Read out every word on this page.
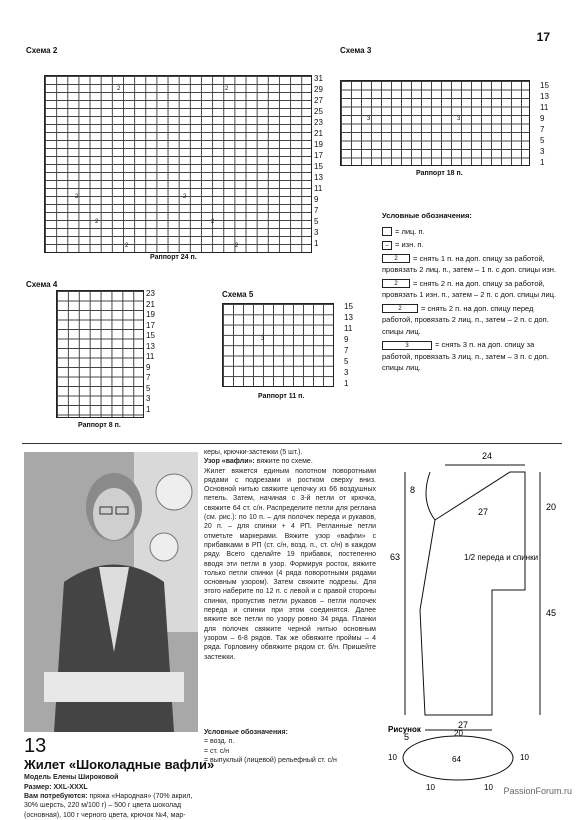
17
Схема 2
2	2
2	2
2	2
2	2
31
29
27
25
23
21
19
17
15
13
11
9
7
5
3
1
Раппорт 24 п.
Схема 3
3	3
15
13
11
9
7
5
3
1
Раппорт 18 п.
Условные обозначения:
= лиц. п.
– = изн. п.
2 = снять 1 п. на доп. спицу за работой, провязать 2 лиц. п., затем – 1 п. с доп. спицы изн.
2 = снять 2 п. на доп. спицу за работой, провязать 1 изн. п., затем – 2 п. с доп. спицы лиц.
2	= снять 2 п. на доп. спицу перед работой, провязать 2 лиц. п., затем – 2 п. с доп. спицы лиц.
3	= снять 3 п. на доп. спицу за работой, провязать 3 лиц. п., затем – 3 п. с доп. спицы лиц.
Схема 4
23
21
19
17
15
13
11
9
7
5
3
1
Раппорт 8 п.
Схема 5
3
15
13
11
9
7
5
3
1
Раппорт 11 п.
13
Жилет «Шоколадные вафли»
Модель Елены Широковой
Размер: XXL-XXXL
Вам потребуются: пряжа «Народная» (70% акрил, 30% шерсть, 220 м/100 г) – 500 г цвета шоколад (основная), 100 г черного цвета, крючок №4, мар-
керы, крючки-застежки (5 шт.).
Узор «вафли»: вяжите по схеме.
Жилет вяжется единым полотном поворотными рядами с подрезами и ростком сверху вниз. Основной нитью свяжите цепочку из 66 воздушных петель. Затем, начиная с 3-й петли от крючка, свяжите 64 ст. с/н. Распределите петли для реглана (см. рис.): по 10 п. – для полочек переда и рукавов, 20 п. – для спинки + 4 РП. Регланные петли отметьте маркерами. Вяжите узор «вафли» с прибавками в РП (ст. с/н, возд. п., ст. с/н) в каждом ряду. Всего сделайте 19 прибавок, постепенно вводя эти петли в узор. Формируя росток, вяжите только петли спинки (4 ряда поворотными рядами основным узором). Затем свяжите подрезы. Для этого наберите по 12 п. с левой и с правой стороны спинки, пропустив петли рукавов – петли полочек переда и спинки при этом соединятся. Далее вяжите все петли по узору ровно 34 ряда. Планки для полочек свяжите черной нитью основным узором – 6-8 рядов. Так же обвяжите проймы – 4 ряда. Горловину обвяжите рядом ст. б/н. Пришейте застежки.
Условные обозначения:
= возд. п.
= ст. с/н
= выпуклый (лицевой) рельефный ст. с/н
24
8
27	20
63
45
27
5
1/2 переда и спинки
Рисунок	20
64
10	10
10	10 PassionForum.ru
